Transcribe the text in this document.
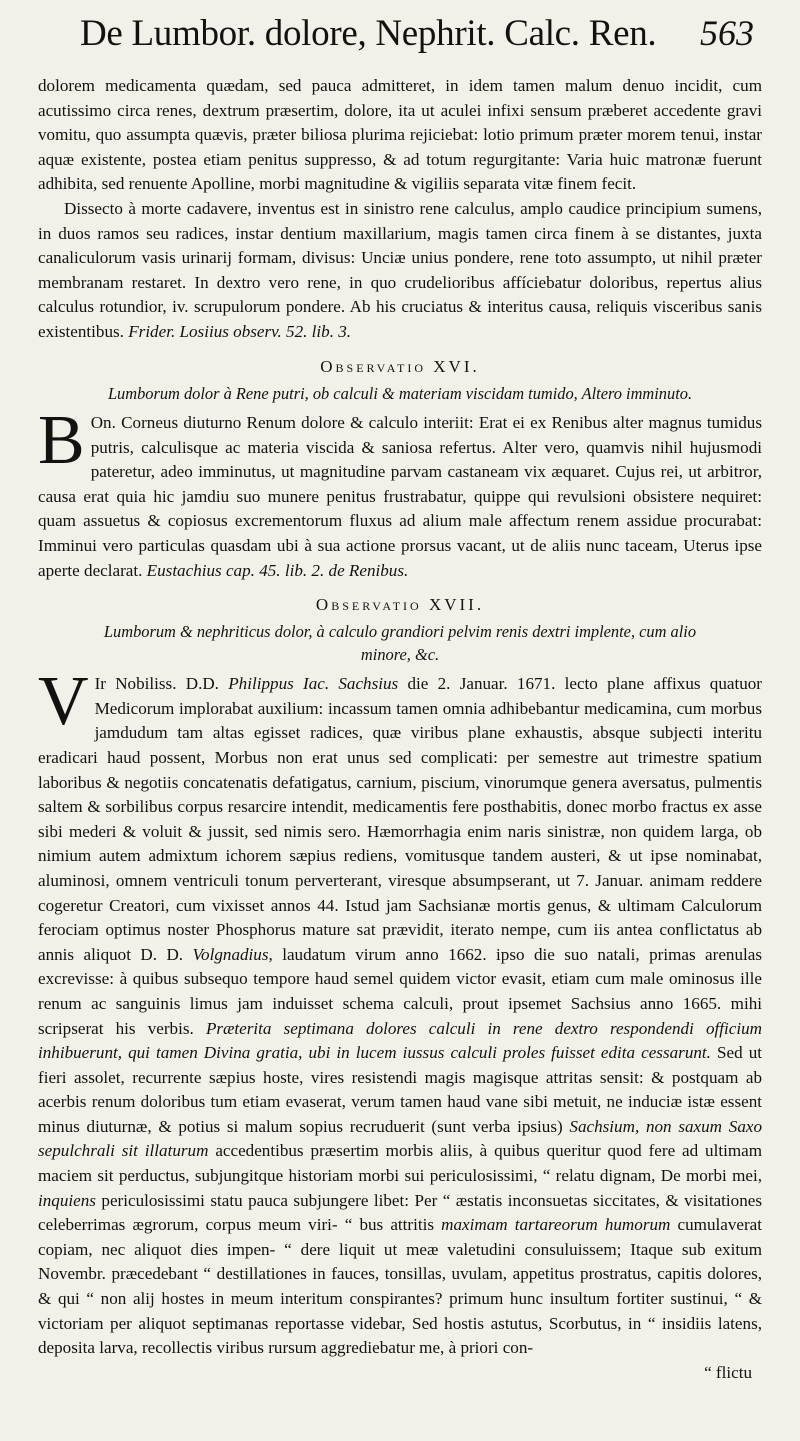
De Lumbor. dolore, Nephrit. Calc. Ren. 563

dolorem medicamenta quædam, sed pauca admitteret, in idem tamen malum denuo incidit, cum acutissimo circa renes, dextrum præsertim, dolore, ita ut aculei infixi sensum præberet accedente gravi vomitu, quo assumpta quævis, præter biliosa plurima rejiciebat: lotio primum præter morem tenui, instar aquæ existente, postea etiam penitus suppresso, & ad totum regurgitante: Varia huic matronæ fuerunt adhibita, sed renuente Apolline, morbi magnitudine & vigiliis separata vitæ finem fecit.

Dissecto à morte cadavere, inventus est in sinistro rene calculus, amplo caudice principium sumens, in duos ramos seu radices, instar dentium maxillarium, magis tamen circa finem à se distantes, juxta canaliculorum vasis urinarij formam, divisus: Unciæ unius pondere, rene toto assumpto, ut nihil præter membranam restaret. In dextro vero rene, in quo crudelioribus affíciebatur doloribus, repertus alius calculus rotundior, iv. scrupulorum pondere. Ab his cruciatus & interitus causa, reliquis visceribus sanis existentibus. Frider. Losiius observ. 52. lib. 3.

Observatio XVI.
Lumborum dolor à Rene putri, ob calculi & materiam viscidam tumido, Altero imminuto.

B On. Corneus diuturno Renum dolore & calculo interiit: Erat ei ex Renibus alter magnus tumidus putris, calculisque ac materia viscida & saniosa refertus. Alter vero, quamvis nihil hujusmodi pateretur, adeo imminutus, ut magnitudine parvam castaneam vix æquaret. Cujus rei, ut arbitror, causa erat quia hic jamdiu suo munere penitus frustrabatur, quippe qui revulsioni obsistere nequiret: quam assuetus & copiosus excrementorum fluxus ad alium male affectum renem assidue procurabat: Imminui vero particulas quasdam ubi à sua actione prorsus vacant, ut de aliis nunc taceam, Uterus ipse aperte declarat. Eustachius cap. 45. lib. 2. de Renibus.

Observatio XVII.
Lumborum & nephriticus dolor, à calculo grandiori pelvim renis dextri implente, cum alio minore, &c.

V Ir Nobiliss. D.D. Philippus Iac. Sachsius die 2. Januar. 1671. lecto plane affixus quatuor Medicorum implorabat auxilium: incassum tamen omnia adhibebantur medicamina, cum morbus jamdudum tam altas egisset radices, quæ viribus plane exhaustis, absque subjecti interitu eradicari haud possent, Morbus non erat unus sed complicati: per semestre aut trimestre spatium laboribus & negotiis concatenatis defatigatus, carnium, piscium, vinorumque genera aversatus, pulmentis saltem & sorbilibus corpus resarcire intendit, medicamentis fere posthabitis, donec morbo fractus ex asse sibi mederi & voluit & jussit, sed nimis sero. Hæmorrhagia enim naris sinistræ, non quidem larga, ob nimium autem admixtum ichorem sæpius rediens, vomitusque tandem austeri, & ut ipse nominabat, aluminosi, omnem ventriculi tonum perverterant, viresque absumpserant, ut 7. Januar. animam reddere cogeretur Creatori, cum vixisset annos 44. Istud jam Sachsianæ mortis genus, & ultimam Calculorum ferociam optimus noster Phosphorus mature sat prævidit, iterato nempe, cum iis antea conflictatus ab annis aliquot D. D. Volgnadius, laudatum virum anno 1662. ipso die suo natali, primas arenulas excrevisse: à quibus subsequo tempore haud semel quidem victor evasit, etiam cum male ominosus ille renum ac sanguinis limus jam induisset schema calculi, prout ipsemet Sachsius anno 1665. mihi scripserat his verbis. Præterita septimana dolores calculi in rene dextro respondendi officium inhibuerunt, qui tamen Divina gratia, ubi in lucem iussus calculi proles fuisset edita cessarunt. Sed ut fieri assolet, recurrente sæpius hoste, vires resistendi magis magisque attritas sensit: & postquam ab acerbis renum doloribus tum etiam evaserat, verum tamen haud vane sibi metuit, ne induciæ istæ essent minus diuturnæ, & potius si malum sopius recruduerit (sunt verba ipsius) Sachsium, non saxum Saxo sepulchrali sit illaturum accedentibus præsertim morbis aliis, à quibus queritur quod fere ad ultimam maciem sit perductus, subjungitque historiam morbi sui periculosissimi, “ relatu dignam, De morbi mei, inquiens periculosissimi statu pauca subjungere libet: Per “ æstatis inconsuetas siccitates, & visitationes celeberrimas ægrorum, corpus meum viri- “ bus attritis maximam tartareorum humorum cumulaverat copiam, nec aliquot dies impen- “ dere liquit ut meæ valetudini consuluissem; Itaque sub exitum Novembr. præcedebant “ destillationes in fauces, tonsillas, uvulam, appetitus prostratus, capitis dolores, & qui “ non alij hostes in meum interitum conspirantes? primum hunc insultum fortiter sustinui, “ & victoriam per aliquot septimanas reportasse videbar, Sed hostis astutus, Scorbutus, in “ insidiis latens, deposita larva, recollectis viribus rursum aggrediebatur me, à priori con-

“ flictu
